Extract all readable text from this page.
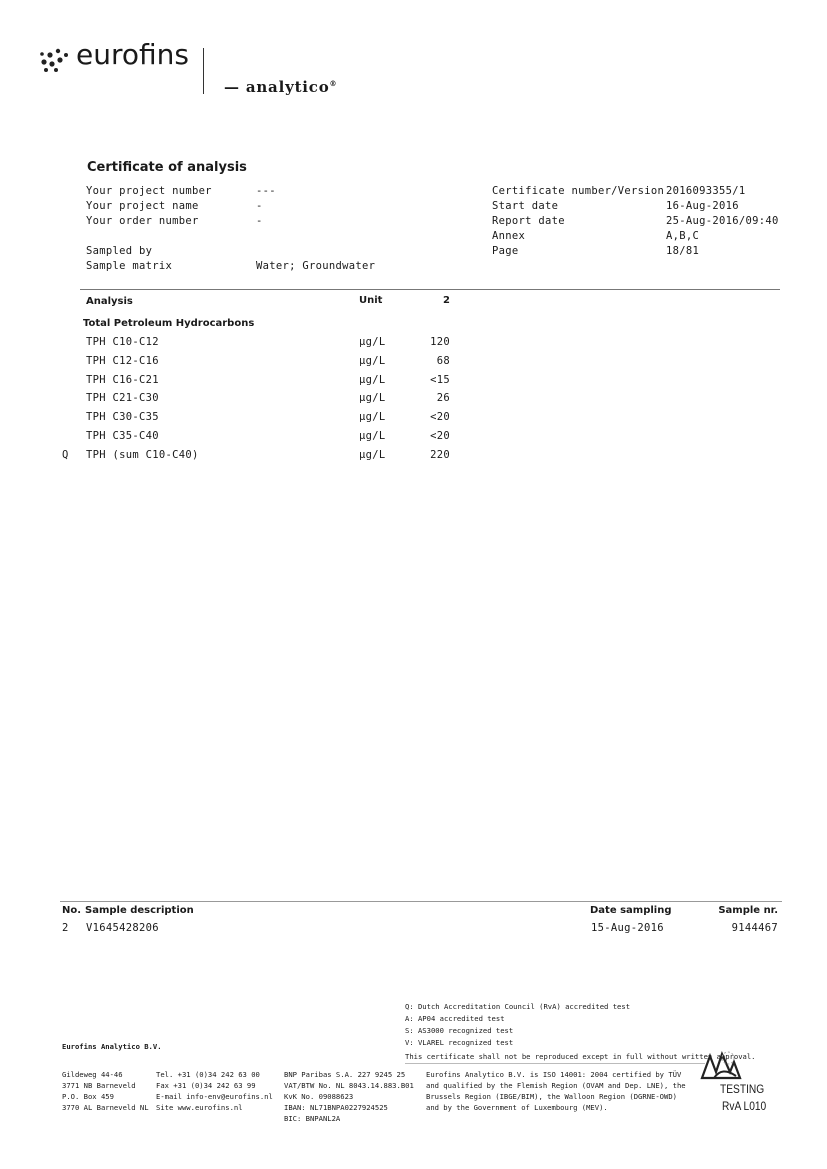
eurofins
— analytico®
Certificate of analysis
Your project number	---
Your project name	-
Your order number	-
Sampled by
Sample matrix	Water; Groundwater
Certificate number/Version 2016093355/1
Start date	16-Aug-2016
Report date	25-Aug-2016/09:40
Annex	A,B,C
Page	18/81
Analysis	Unit	2
Total Petroleum Hydrocarbons
TPH C10-C12	µg/L	120
TPH C12-C16	µg/L	68
TPH C16-C21	µg/L	<15
TPH C21-C30	µg/L	26
TPH C30-C35	µg/L	<20
TPH C35-C40	µg/L	<20
Q TPH (sum C10-C40)	µg/L	220
No. Sample description	Date sampling	Sample nr.
2 V1645428206	15-Aug-2016	9144467
Q: Dutch Accreditation Council (RvA) accredited test
A: AP04 accredited test
S: AS3000 recognized test
V: VLAREL recognized test
This certificate shall not be reproduced except in full without written approval.
Eurofins Analytico B.V.
Gildeweg 44-46
3771 NB Barneveld
P.O. Box 459
3770 AL Barneveld NL
Tel. +31 (0)34 242 63 00
Fax +31 (0)34 242 63 99
E-mail info-env@eurofins.nl
Site www.eurofins.nl
BNP Paribas S.A. 227 9245 25
VAT/BTW No. NL 8043.14.883.B01
KvK No. 09088623
IBAN: NL71BNPA0227924525
BIC: BNPANL2A
Eurofins Analytico B.V. is ISO 14001: 2004 certified by TÜV
and qualified by the Flemish Region (OVAM and Dep. LNE), the
Brussels Region (IBGE/BIM), the Walloon Region (DGRNE-OWD)
and by the Government of Luxembourg (MEV).
TESTING
RvA L010
